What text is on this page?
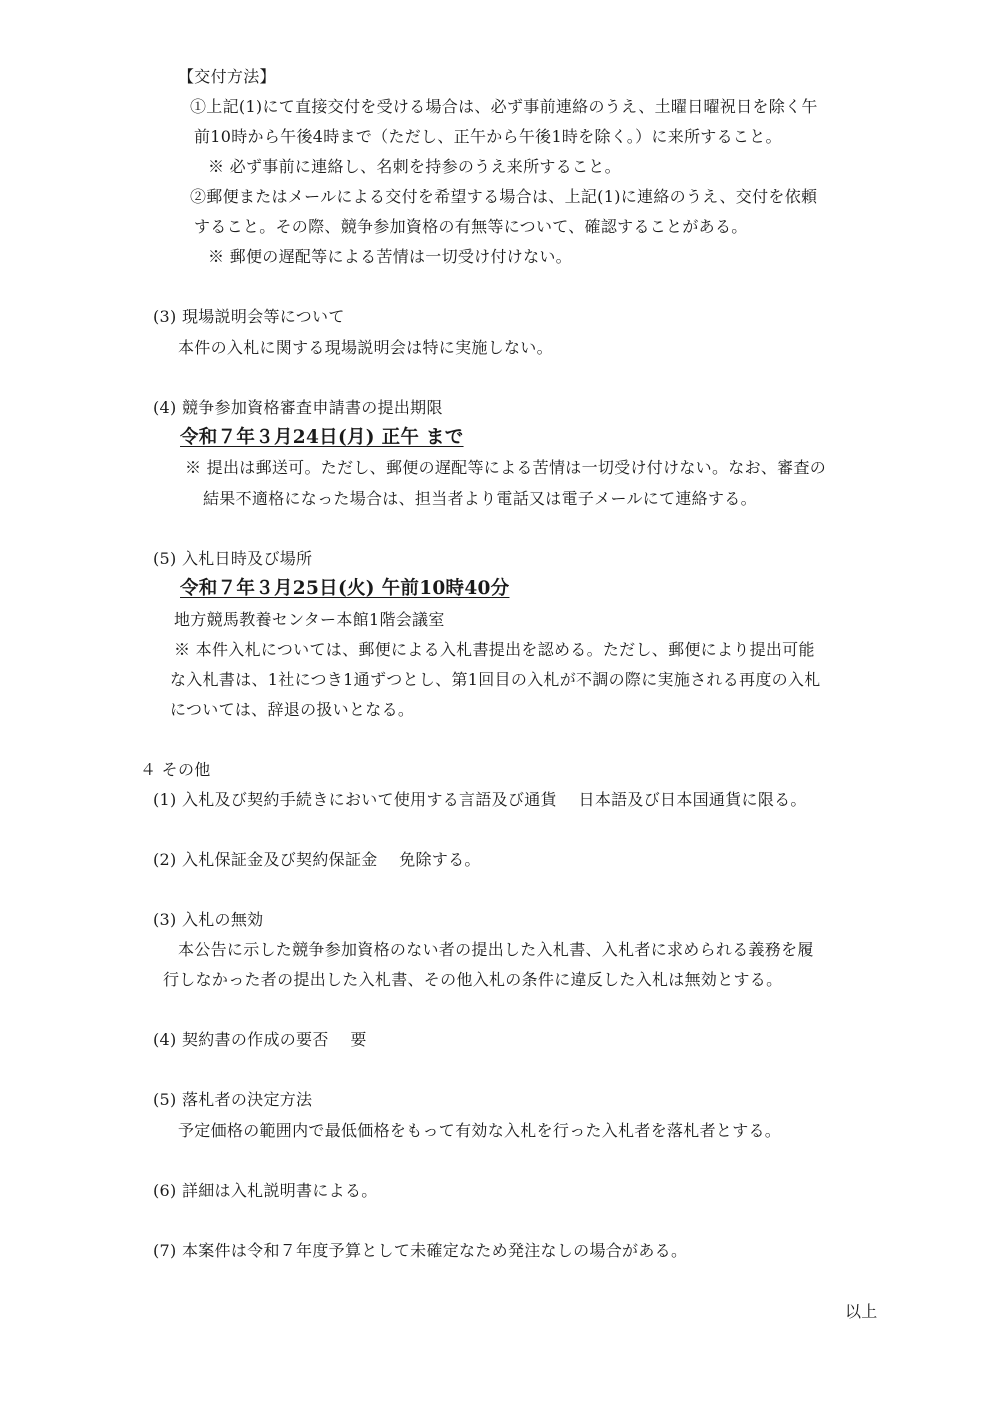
【交付方法】
①上記(1)にて直接交付を受ける場合は、必ず事前連絡のうえ、土曜日曜祝日を除く午
前10時から午後4時まで（ただし、正午から午後1時を除く。）に来所すること。
※ 必ず事前に連絡し、名刺を持参のうえ来所すること。
②郵便またはメールによる交付を希望する場合は、上記(1)に連絡のうえ、交付を依頼
すること。その際、競争参加資格の有無等について、確認することがある。
※ 郵便の遅配等による苦情は一切受け付けない。
(3) 現場説明会等について
本件の入札に関する現場説明会は特に実施しない。
(4) 競争参加資格審査申請書の提出期限
令和７年３月24日(月) 正午 まで
※ 提出は郵送可。ただし、郵便の遅配等による苦情は一切受け付けない。なお、審査の
結果不適格になった場合は、担当者より電話又は電子メールにて連絡する。
(5) 入札日時及び場所
令和７年３月25日(火) 午前10時40分
地方競馬教養センター本館1階会議室
※ 本件入札については、郵便による入札書提出を認める。ただし、郵便により提出可能
な入札書は、1社につき1通ずつとし、第1回目の入札が不調の際に実施される再度の入札
については、辞退の扱いとなる。
４ その他
(1) 入札及び契約手続きにおいて使用する言語及び通貨　 日本語及び日本国通貨に限る。
(2) 入札保証金及び契約保証金　 免除する。
(3) 入札の無効
本公告に示した競争参加資格のない者の提出した入札書、入札者に求められる義務を履
行しなかった者の提出した入札書、その他入札の条件に違反した入札は無効とする。
(4) 契約書の作成の要否　 要
(5) 落札者の決定方法
予定価格の範囲内で最低価格をもって有効な入札を行った入札者を落札者とする。
(6) 詳細は入札説明書による。
(7) 本案件は令和７年度予算として未確定なため発注なしの場合がある。
以上
